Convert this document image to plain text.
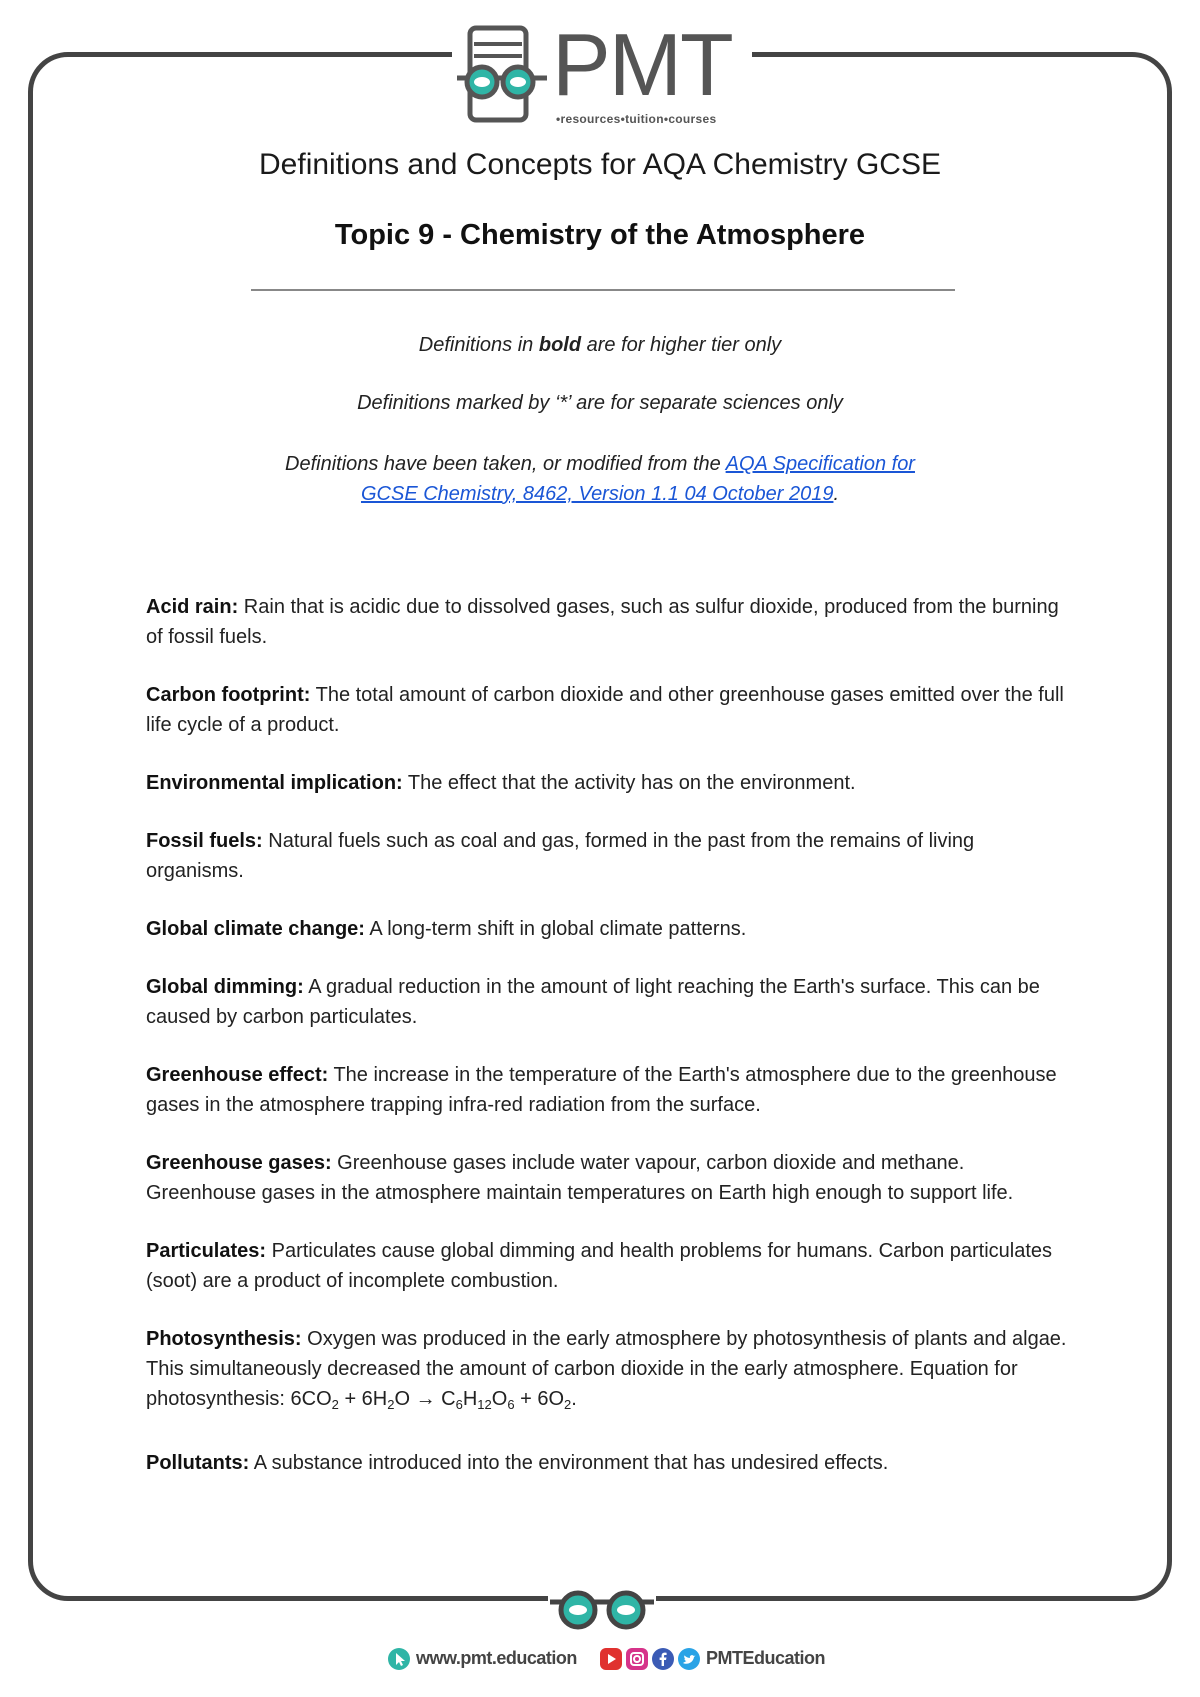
PMT
•resources•tuition•courses
Definitions and Concepts for AQA Chemistry GCSE
Topic 9 - Chemistry of the Atmosphere
Definitions in bold are for higher tier only
Definitions marked by ‘*’ are for separate sciences only
Definitions have been taken, or modified from the AQA Specification for
GCSE Chemistry, 8462, Version 1.1 04 October 2019.
Acid rain: Rain that is acidic due to dissolved gases, such as sulfur dioxide, produced from the burning of fossil fuels.
Carbon footprint: The total amount of carbon dioxide and other greenhouse gases emitted over the full life cycle of a product.
Environmental implication: The effect that the activity has on the environment.
Fossil fuels: Natural fuels such as coal and gas, formed in the past from the remains of living organisms.
Global climate change: A long-term shift in global climate patterns.
Global dimming: A gradual reduction in the amount of light reaching the Earth's surface. This can be caused by carbon particulates.
Greenhouse effect: The increase in the temperature of the Earth's atmosphere due to the greenhouse gases in the atmosphere trapping infra-red radiation from the surface.
Greenhouse gases: Greenhouse gases include water vapour, carbon dioxide and methane. Greenhouse gases in the atmosphere maintain temperatures on Earth high enough to support life.
Particulates: Particulates cause global dimming and health problems for humans. Carbon particulates (soot) are a product of incomplete combustion.
Photosynthesis: Oxygen was produced in the early atmosphere by photosynthesis of plants and algae. This simultaneously decreased the amount of carbon dioxide in the early atmosphere. Equation for photosynthesis: $6CO_2 + 6H_2O \to C_6H_{12}O_6 + 6O_2$.
Pollutants: A substance introduced into the environment that has undesired effects.
www.pmt.education	PMTEducation
